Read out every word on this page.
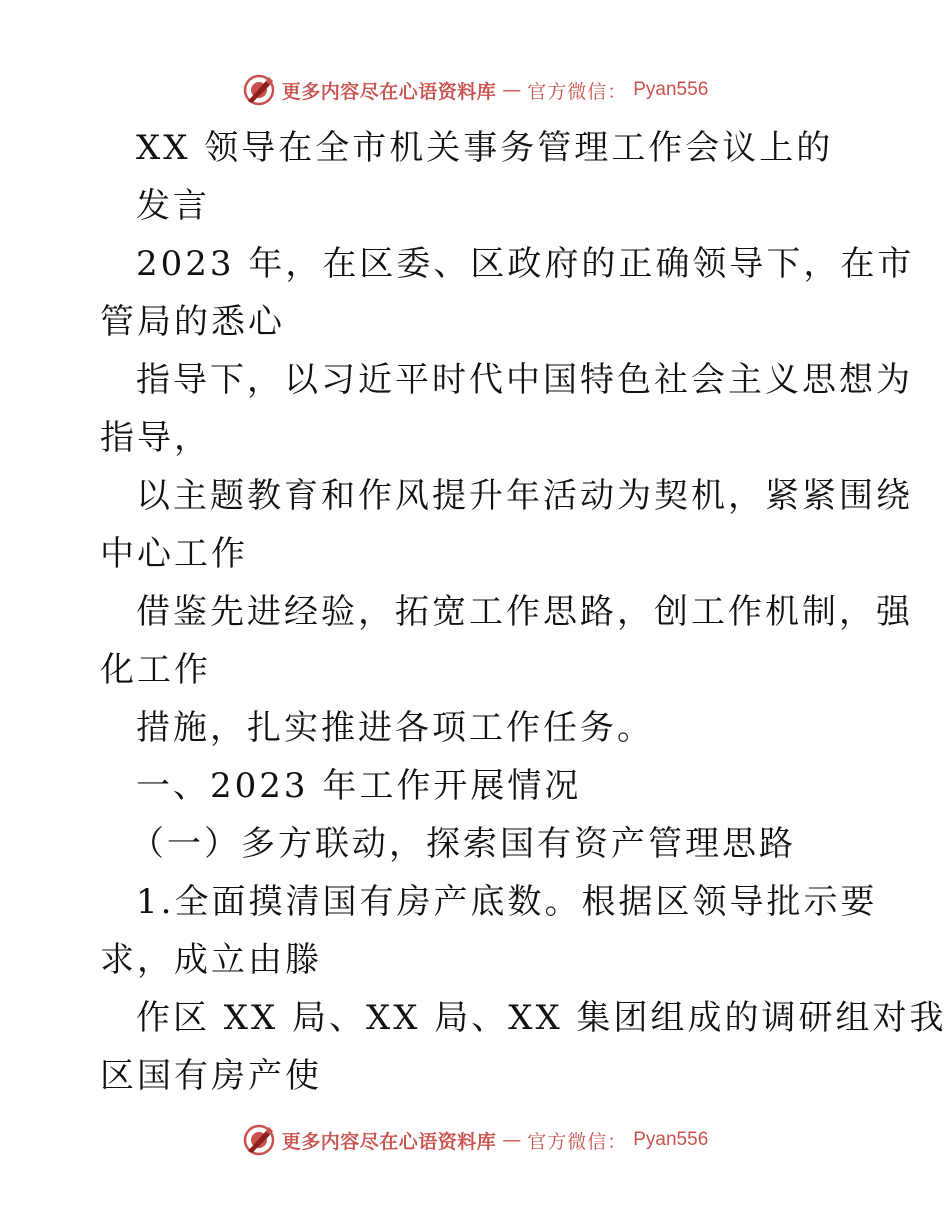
更多内容尽在心语资料库 — 官方微信： Pyan556
XX 领导在全市机关事务管理工作会议上的
发言
2023 年，在区委、区政府的正确领导下，在市
管局的悉心
指导下，以习近平时代中国特色社会主义思想为
指导，
以主题教育和作风提升年活动为契机，紧紧围绕
中心工作
借鉴先进经验，拓宽工作思路，创工作机制，强
化工作
措施，扎实推进各项工作任务。
一、2023 年工作开展情况
（一）多方联动，探索国有资产管理思路
1.全面摸清国有房产底数。根据区领导批示要
求，成立由滕
作区 XX 局、XX 局、XX 集团组成的调研组对我
区国有房产使
更多内容尽在心语资料库 — 官方微信： Pyan556
